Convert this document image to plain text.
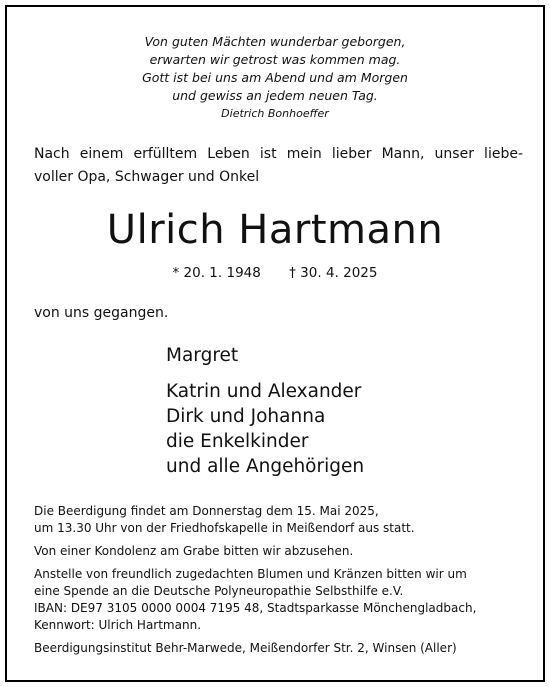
Von guten Mächten wunderbar geborgen,
erwarten wir getrost was kommen mag.
Gott ist bei uns am Abend und am Morgen
und gewiss an jedem neuen Tag.
Dietrich Bonhoeffer
Nach einem erfülltem Leben ist mein lieber Mann, unser liebe-
voller Opa, Schwager und Onkel
Ulrich Hartmann
* 20. 1. 1948 † 30. 4. 2025
von uns gegangen.
Margret
Katrin und Alexander
Dirk und Johanna
die Enkelkinder
und alle Angehörigen
Die Beerdigung findet am Donnerstag dem 15. Mai 2025,
um 13.30 Uhr von der Friedhofskapelle in Meißendorf aus statt.
Von einer Kondolenz am Grabe bitten wir abzusehen.
Anstelle von freundlich zugedachten Blumen und Kränzen bitten wir um
eine Spende an die Deutsche Polyneuropathie Selbsthilfe e.V.
IBAN: DE97 3105 0000 0004 7195 48, Stadtsparkasse Mönchengladbach,
Kennwort: Ulrich Hartmann.
Beerdigungsinstitut Behr-Marwede, Meißendorfer Str. 2, Winsen (Aller)
